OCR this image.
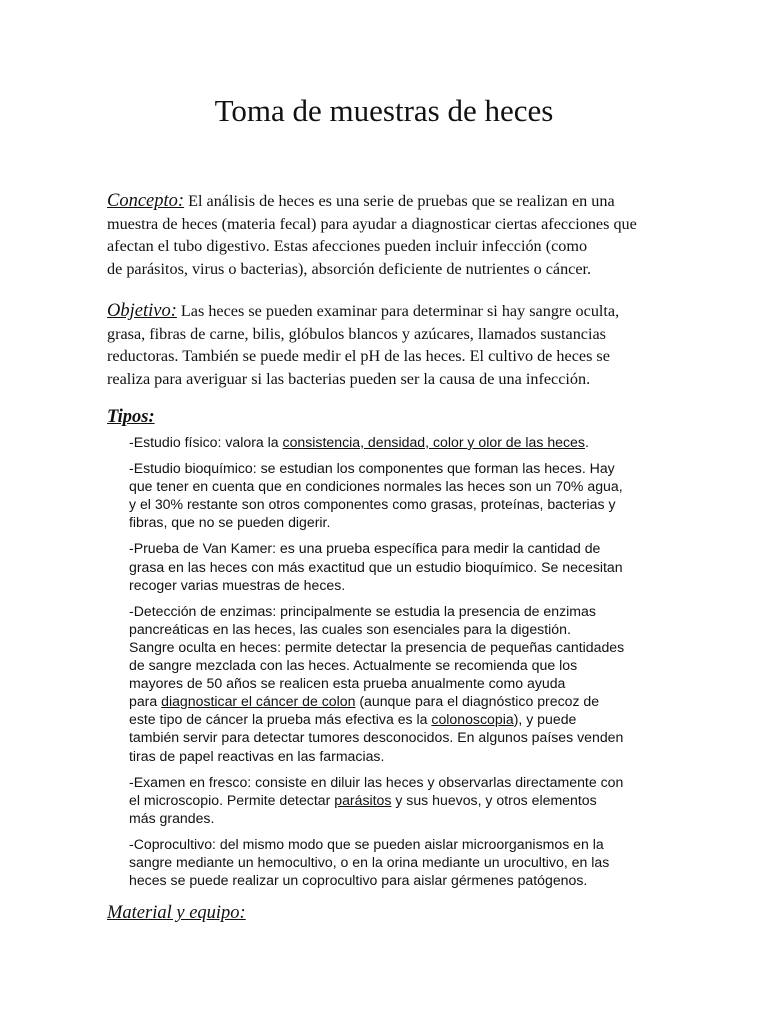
Toma de muestras de heces
Concepto: El análisis de heces es una serie de pruebas que se realizan en una
muestra de heces (materia fecal) para ayudar a diagnosticar ciertas afecciones que
afectan el tubo digestivo. Estas afecciones pueden incluir infección (como
de parásitos, virus o bacterias), absorción deficiente de nutrientes o cáncer.
Objetivo: Las heces se pueden examinar para determinar si hay sangre oculta,
grasa, fibras de carne, bilis, glóbulos blancos y azúcares, llamados sustancias
reductoras. También se puede medir el pH de las heces. El cultivo de heces se
realiza para averiguar si las bacterias pueden ser la causa de una infección.
Tipos:
-Estudio físico: valora la consistencia, densidad, color y olor de las heces.
-Estudio bioquímico: se estudian los componentes que forman las heces. Hay
que tener en cuenta que en condiciones normales las heces son un 70% agua,
y el 30% restante son otros componentes como grasas, proteínas, bacterias y
fibras, que no se pueden digerir.
-Prueba de Van Kamer: es una prueba específica para medir la cantidad de
grasa en las heces con más exactitud que un estudio bioquímico. Se necesitan
recoger varias muestras de heces.
-Detección de enzimas: principalmente se estudia la presencia de enzimas
pancreáticas en las heces, las cuales son esenciales para la digestión.
Sangre oculta en heces: permite detectar la presencia de pequeñas cantidades
de sangre mezclada con las heces. Actualmente se recomienda que los
mayores de 50 años se realicen esta prueba anualmente como ayuda
para diagnosticar el cáncer de colon (aunque para el diagnóstico precoz de
este tipo de cáncer la prueba más efectiva es la colonoscopia), y puede
también servir para detectar tumores desconocidos. En algunos países venden
tiras de papel reactivas en las farmacias.
-Examen en fresco: consiste en diluir las heces y observarlas directamente con
el microscopio. Permite detectar parásitos y sus huevos, y otros elementos
más grandes.
-Coprocultivo: del mismo modo que se pueden aislar microorganismos en la
sangre mediante un hemocultivo, o en la orina mediante un urocultivo, en las
heces se puede realizar un coprocultivo para aislar gérmenes patógenos.
Material y equipo:
